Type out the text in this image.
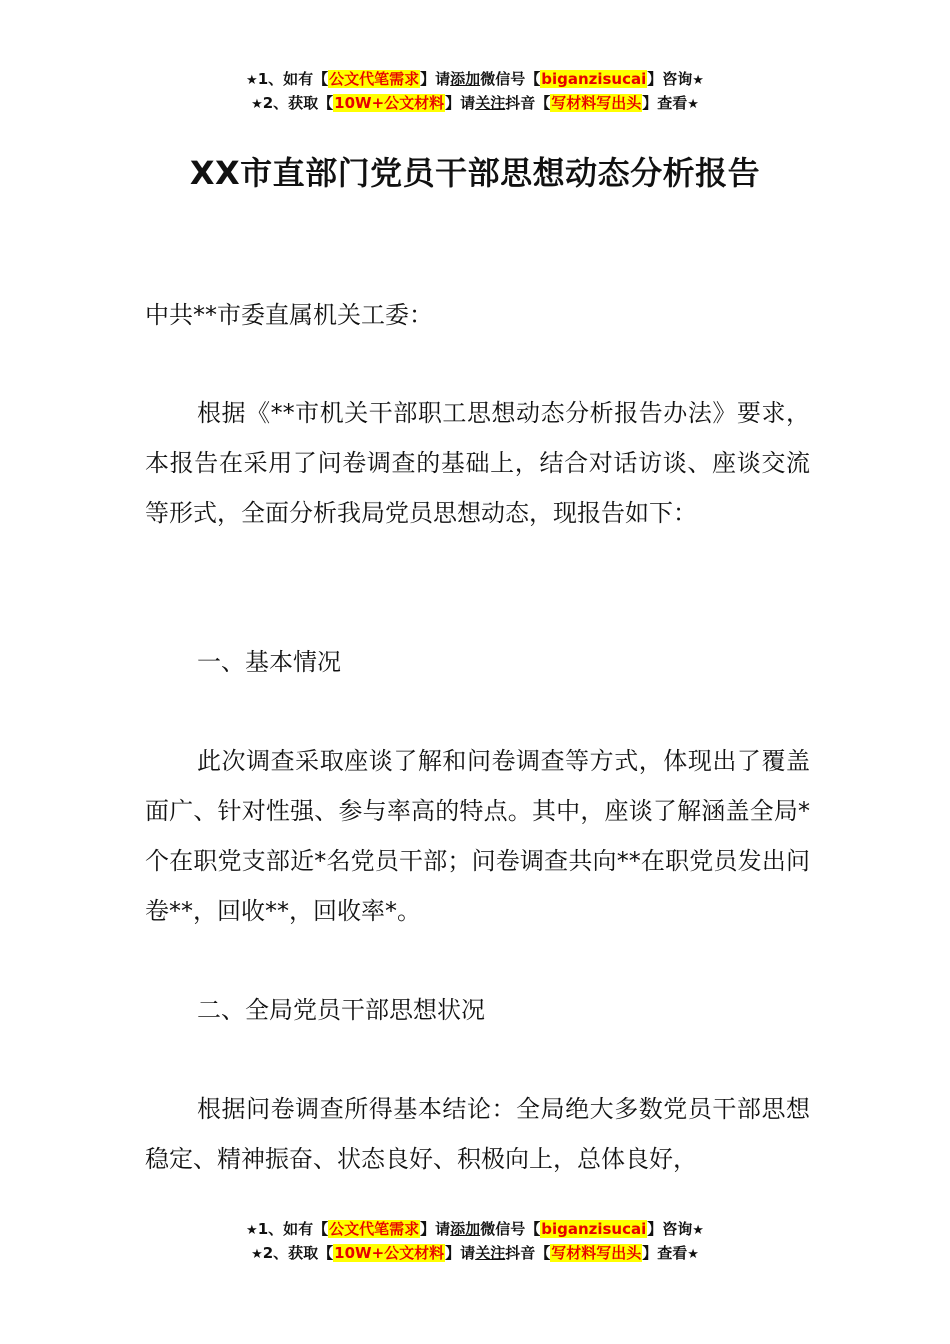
★1、如有【公文代笔需求】请添加微信号【biganzisucai】咨询★
★2、获取【10W+公文材料】请关注抖音【写材料写出头】查看★
XX市直部门党员干部思想动态分析报告
中共**市委直属机关工委：
根据《**市机关干部职工思想动态分析报告办法》要求，本报告在采用了问卷调查的基础上，结合对话访谈、座谈交流等形式，全面分析我局党员思想动态，现报告如下：
一、基本情况
此次调查采取座谈了解和问卷调查等方式，体现出了覆盖面广、针对性强、参与率高的特点。其中，座谈了解涵盖全局*个在职党支部近*名党员干部；问卷调查共向**在职党员发出问卷**，回收**，回收率*。
二、全局党员干部思想状况
根据问卷调查所得基本结论：全局绝大多数党员干部思想稳定、精神振奋、状态良好、积极向上，总体良好，
★1、如有【公文代笔需求】请添加微信号【biganzisucai】咨询★
★2、获取【10W+公文材料】请关注抖音【写材料写出头】查看★
